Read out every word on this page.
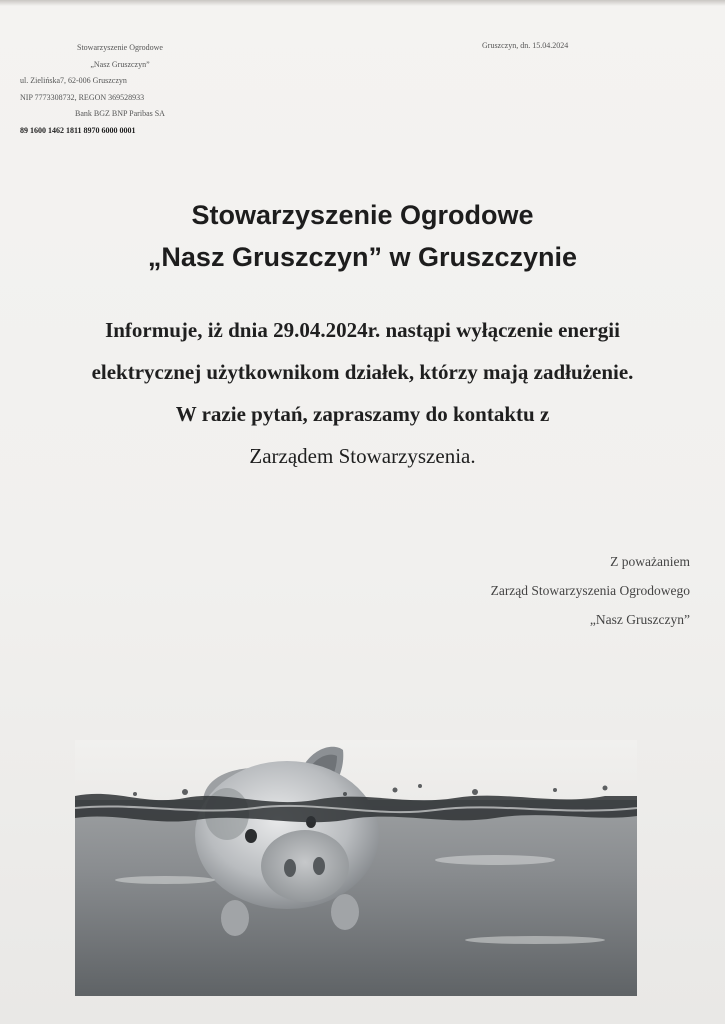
Stowarzyszenie Ogrodowe
„Nasz Gruszczyn”
ul. Zielińska7, 62-006 Gruszczyn
NIP 7773308732, REGON 369528933
Bank BGZ BNP Paribas SA
89 1600 1462 1811 8970 6000 0001
Gruszczyn, dn. 15.04.2024
Stowarzyszenie Ogrodowe
„Nasz Gruszczyn” w Gruszczynie
Informuje, iż dnia 29.04.2024r. nastąpi wyłączenie energii
elektrycznej użytkownikom działek, którzy mają zadłużenie.
W razie pytań, zapraszamy do kontaktu z
Zarządem Stowarzyszenia.
Z poważaniem
Zarząd Stowarzyszenia Ogrodowego
„Nasz Gruszczyn”
